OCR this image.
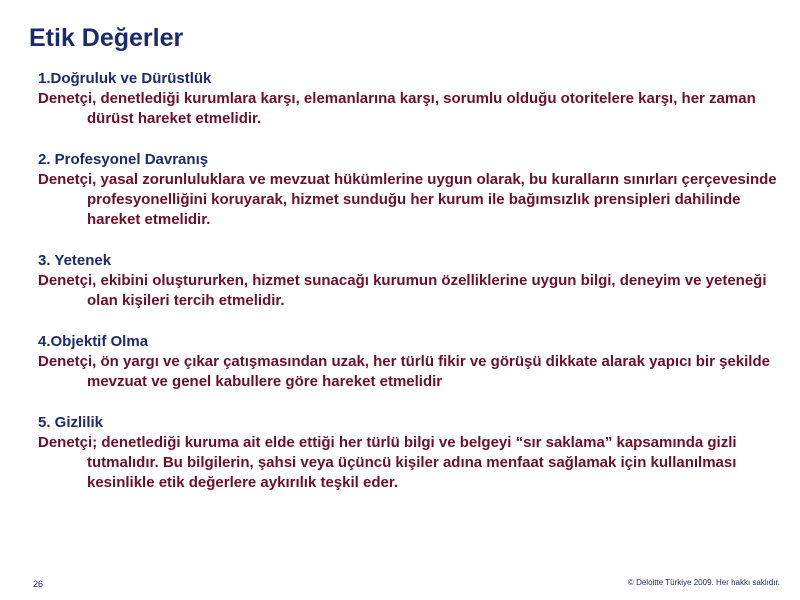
Etik Değerler
1.Doğruluk ve Dürüstlük
Denetçi, denetlediği kurumlara karşı, elemanlarına karşı, sorumlu olduğu otoritelere karşı, her zaman dürüst hareket etmelidir.
2. Profesyonel Davranış
Denetçi, yasal zorunluluklara ve mevzuat hükümlerine uygun olarak, bu kuralların sınırları çerçevesinde profesyonelliğini koruyarak, hizmet sunduğu her kurum ile bağımsızlık prensipleri dahilinde hareket etmelidir.
3. Yetenek
Denetçi, ekibini oluştururken, hizmet sunacağı kurumun özelliklerine uygun bilgi, deneyim ve yeteneği olan kişileri tercih etmelidir.
4.Objektif Olma
Denetçi, ön yargı ve çıkar çatışmasından uzak, her türlü fikir ve görüşü dikkate alarak yapıcı bir şekilde mevzuat ve genel kabullere göre hareket etmelidir
5. Gizlilik
Denetçi; denetlediği kuruma ait elde ettiği her türlü bilgi ve belgeyi “sır saklama” kapsamında gizli tutmalıdır. Bu bilgilerin, şahsi veya üçüncü kişiler adına menfaat sağlamak için kullanılması kesinlikle etik değerlere aykırılık teşkil eder.
26	© Deloitte Türkiye 2009. Her hakkı saklıdır.
